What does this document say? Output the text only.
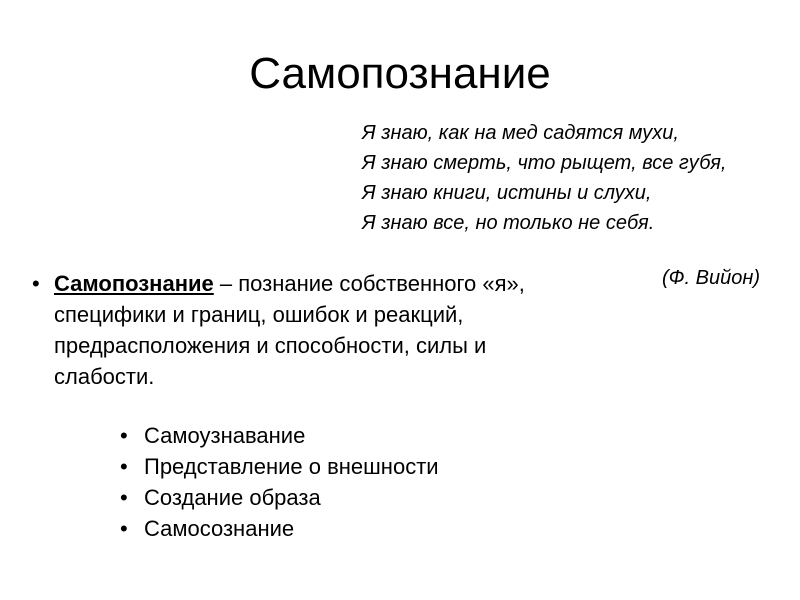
Самопознание
Я знаю, как на мед садятся мухи,
Я знаю смерть, что рыщет, все губя,
Я знаю книги, истины и слухи,
Я знаю все, но только не себя.
(Ф. Вийон)
• Самопознание – познание собственного «я», специфики и границ, ошибок и реакций, предрасположения и способности, силы и слабости.
• Самоузнавание
• Представление о внешности
• Создание образа
• Самосознание
